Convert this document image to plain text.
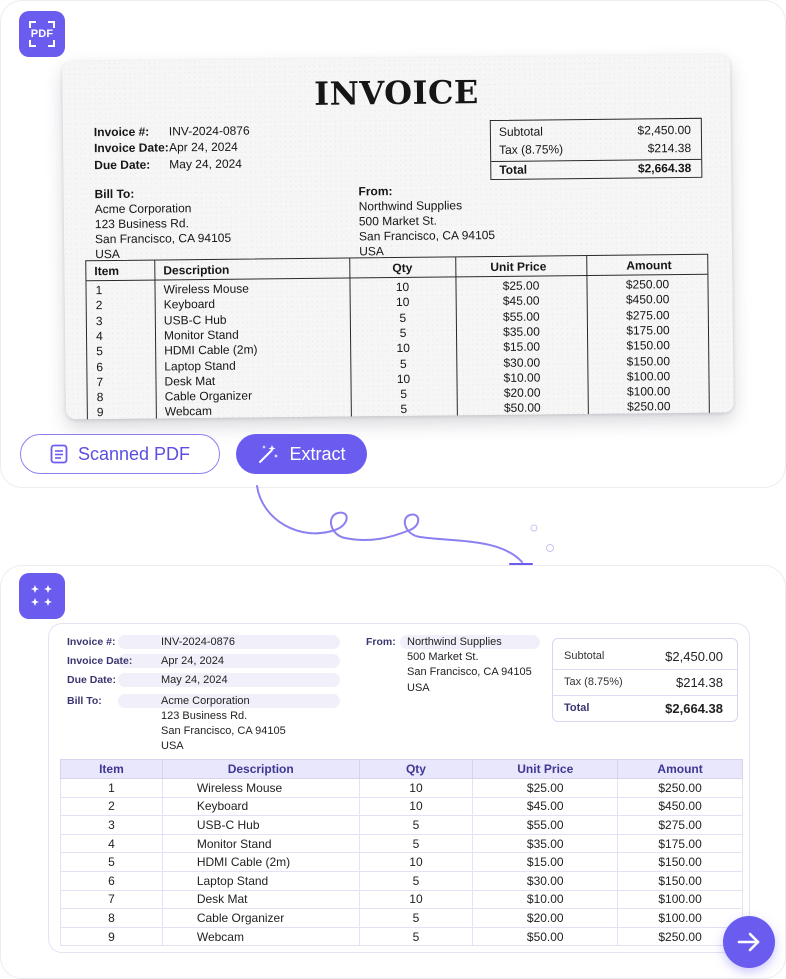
PDF
INVOICE
Invoice #: INV-2024-0876
Invoice Date: Apr 24, 2024
Due Date: May 24, 2024
Bill To:
Acme Corporation
123 Business Rd.
San Francisco, CA 94105
USA
From:
Northwind Supplies
500 Market St.
San Francisco, CA 94105
USA
Subtotal	$2,450.00
Tax (8.75%)	$214.38
Total	$2,664.38
Item	Description	Qty	Unit Price	Amount
1	Wireless Mouse	10	$25.00	$250.00
2	Keyboard	10	$45.00	$450.00
3	USB-C Hub	5	$55.00	$275.00
4	Monitor Stand	5	$35.00	$175.00
5	HDMI Cable (2m)	10	$15.00	$150.00
6	Laptop Stand	5	$30.00	$150.00
7	Desk Mat	10	$10.00	$100.00
8	Cable Organizer	5	$20.00	$100.00
9	Webcam	5	$50.00	$250.00
Scanned PDF	Extract
Invoice #:	INV-2024-0876
Invoice Date:	Apr 24, 2024
Due Date:	May 24, 2024
Bill To:	Acme Corporation
123 Business Rd.
San Francisco, CA 94105
USA
From: Northwind Supplies
500 Market St.
San Francisco, CA 94105
USA
Subtotal	$2,450.00
Tax (8.75%)	$214.38
Total	$2,664.38
Item	Description	Qty	Unit Price	Amount
1	Wireless Mouse	10	$25.00	$250.00
2	Keyboard	10	$45.00	$450.00
3	USB-C Hub	5	$55.00	$275.00
4	Monitor Stand	5	$35.00	$175.00
5	HDMI Cable (2m)	10	$15.00	$150.00
6	Laptop Stand	5	$30.00	$150.00
7	Desk Mat	10	$10.00	$100.00
8	Cable Organizer	5	$20.00	$100.00
9	Webcam	5	$50.00	$250.00
